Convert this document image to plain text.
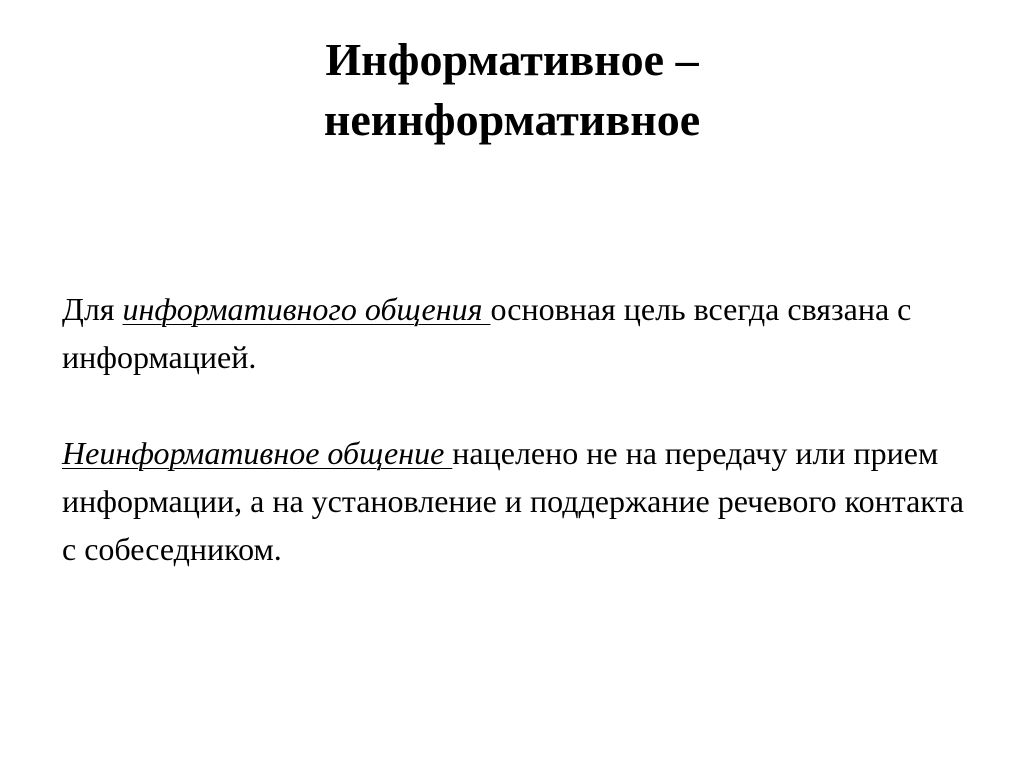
Информативное –
неинформативное

Для информативного общения основная цель всегда связана с информацией.

Неинформативное общение нацелено не на передачу или прием информации, а на установление и поддержание речевого контакта с собеседником.
